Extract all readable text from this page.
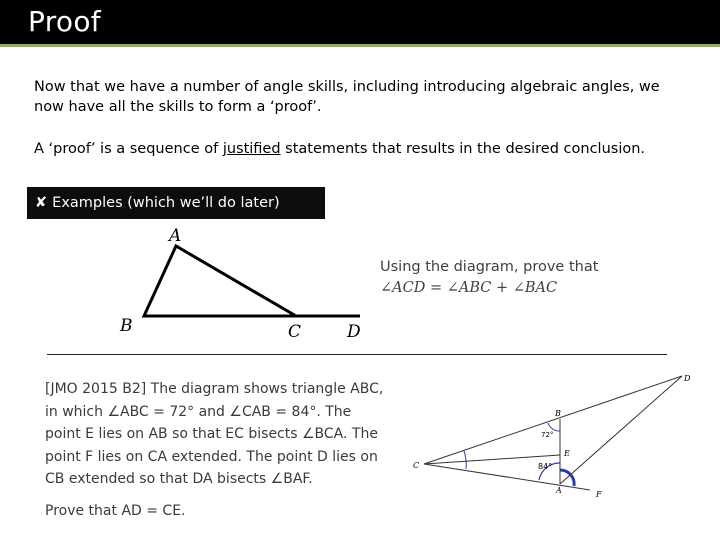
Proof
Now that we have a number of angle skills, including introducing algebraic angles, we now have all the skills to form a ‘proof’.
A ‘proof’ is a sequence of justified statements that results in the desired conclusion.
✘ Examples (which we’ll do later)
A
B	C	D
Using the diagram, prove that
∠ACD = ∠ABC + ∠BAC

[JMO 2015 B2] The diagram shows triangle ABC, in which ∠ABC = 72° and ∠CAB = 84°. The point E lies on AB so that EC bisects ∠BCA. The point F lies on CA extended. The point D lies on CB extended so that DA bisects ∠BAF.

Prove that AD = CE.

B
D
E
C
A	F
72°
84°
